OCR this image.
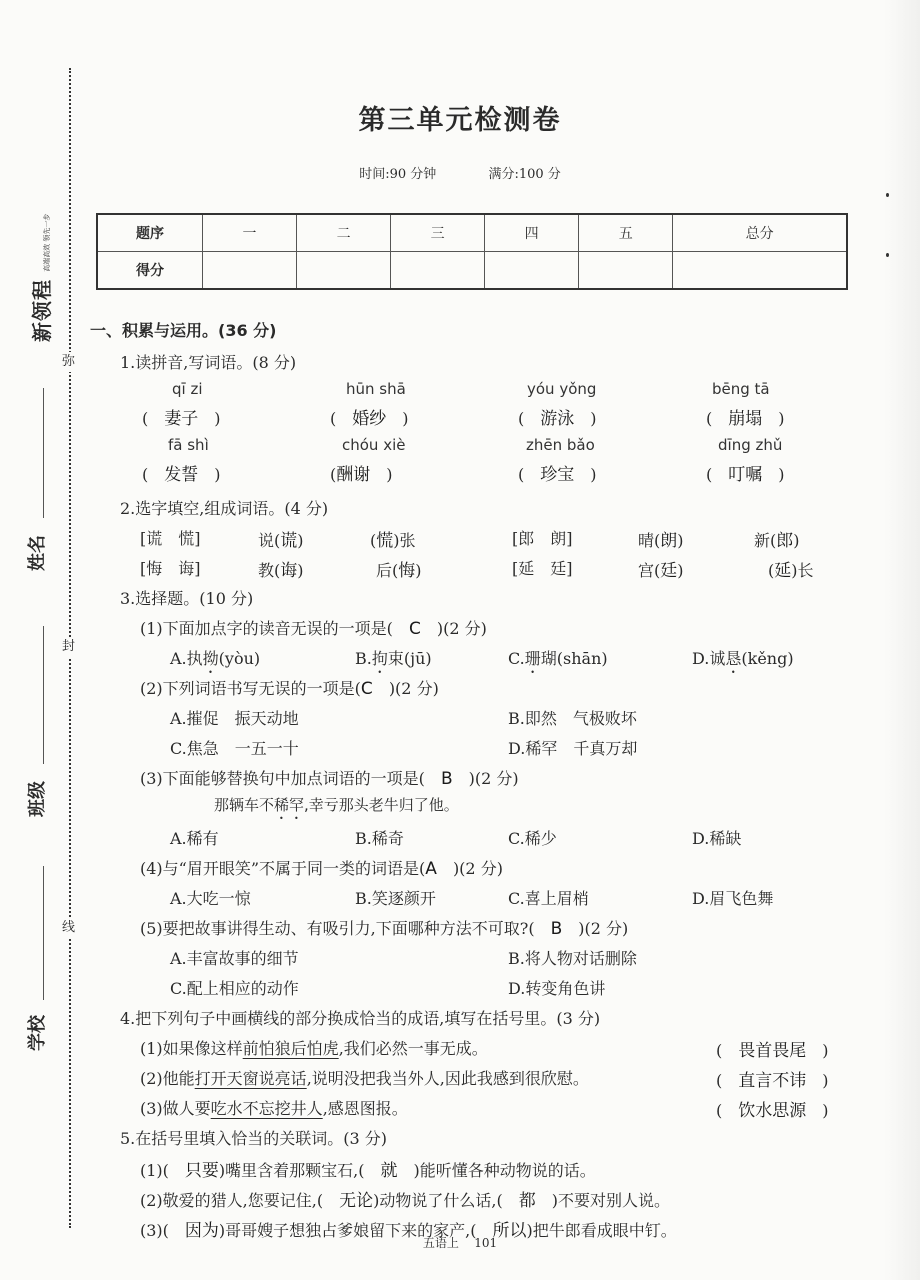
弥
封
线
新领程 高端高效 领先一步
姓名
班级
学校
第三单元检测卷
时间:90 分钟	满分:100 分
题序	一	二	三	四	五	总分
得分						
一、积累与运用。(36 分)
1.读拼音,写词语。(8 分)
qī zi	hūn shā	yóu yǒng	bēng tā
(　妻子　)	(　婚纱　)	(　游泳　)	(　崩塌　)
fā shì	chóu xiè	zhēn bǎo	dīng zhǔ
(　发誓　)	(酬谢　)	(　珍宝　)	(　叮嘱　)
2.选字填空,组成词语。(4 分)
[谎　慌]	说(谎)	(慌)张	[郎　朗]	晴(朗)	新(郎)
[悔　诲]	教(诲)	后(悔)	[延　廷]	宫(廷)	(延)长
3.选择题。(10 分)
(1)下面加点字的读音无误的一项是(　 C　 )(2 分)
A.执拗(yòu)	B.拘束(jū)	C.珊瑚(shān)	D.诚恳(kěng)
(2)下列词语书写无误的一项是(C　 )(2 分)
A.摧促　振天动地	B.即然　气极败坏
C.焦急　一五一十	D.稀罕　千真万却
(3)下面能够替换句中加点词语的一项是(　 B　 )(2 分)
那辆车不稀罕,幸亏那头老牛归了他。
A.稀有	B.稀奇	C.稀少	D.稀缺
(4)与“眉开眼笑”不属于同一类的词语是(A　 )(2 分)
A.大吃一惊	B.笑逐颜开	C.喜上眉梢	D.眉飞色舞
(5)要把故事讲得生动、有吸引力,下面哪种方法不可取?(　 B　 )(2 分)
A.丰富故事的细节	B.将人物对话删除
C.配上相应的动作	D.转变角色讲
4.把下列句子中画横线的部分换成恰当的成语,填写在括号里。(3 分)
(1)如果像这样前怕狼后怕虎,我们必然一事无成。	(　畏首畏尾　)
(2)他能打开天窗说亮话,说明没把我当外人,因此我感到很欣慰。	(　直言不讳　)
(3)做人要吃水不忘挖井人,感恩图报。	(　饮水思源　)
5.在括号里填入恰当的关联词。(3 分)
(1)(　 只要)嘴里含着那颗宝石,(　 就　 )能听懂各种动物说的话。
(2)敬爱的猎人,您要记住,(　 无论)动物说了什么话,(　 都　 )不要对别人说。
(3)(　 因为)哥哥嫂子想独占爹娘留下来的家产,(　 所以)把牛郎看成眼中钉。
五语上 101
